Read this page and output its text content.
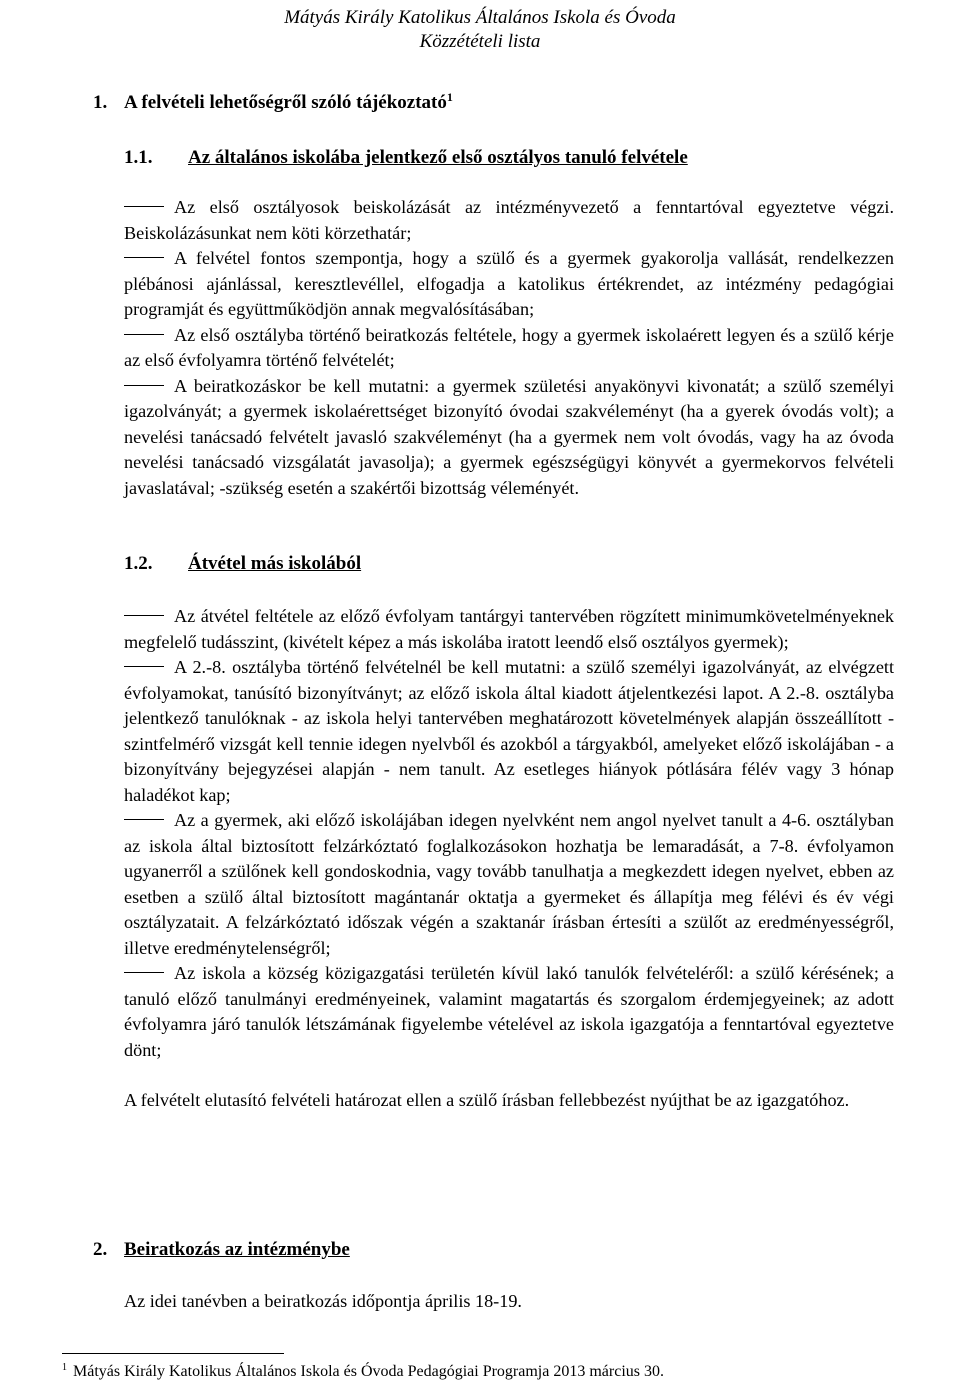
Mátyás Király Katolikus Általános Iskola és Óvoda
Közzétételi lista
1. A felvételi lehetőségről szóló tájékoztató$^1$
1.1. Az általános iskolába jelentkező első osztályos tanuló felvétele

Az első osztályosok beiskolázását az intézményvezető a fenntartóval egyeztetve végzi. Beiskolázásunkat nem köti körzethatár;

A felvétel fontos szempontja, hogy a szülő és a gyermek gyakorolja vallását, rendelkezzen plébánosi ajánlással, keresztlevéllel, elfogadja a katolikus értékrendet, az intézmény pedagógiai programját és együttműködjön annak megvalósításában;

Az első osztályba történő beiratkozás feltétele, hogy a gyermek iskolaérett legyen és a szülő kérje az első évfolyamra történő felvételét;

A beiratkozáskor be kell mutatni: a gyermek születési anyakönyvi kivonatát; a szülő személyi igazolványát; a gyermek iskolaérettséget bizonyító óvodai szakvéleményt (ha a gyerek óvodás volt); a nevelési tanácsadó felvételt javasló szakvéleményt (ha a gyermek nem volt óvodás, vagy ha az óvoda nevelési tanácsadó vizsgálatát javasolja); a gyermek egészségügyi könyvét a gyermekorvos felvételi javaslatával; -szükség esetén a szakértői bizottság véleményét.

1.2. Átvétel más iskolából

Az átvétel feltétele az előző évfolyam tantárgyi tantervében rögzített minimumkövetelményeknek megfelelő tudásszint, (kivételt képez a más iskolába iratott leendő első osztályos gyermek);

A 2.-8. osztályba történő felvételnél be kell mutatni: a szülő személyi igazolványát, az elvégzett évfolyamokat, tanúsító bizonyítványt; az előző iskola által kiadott átjelentkezési lapot. A 2.-8. osztályba jelentkező tanulóknak - az iskola helyi tantervében meghatározott követelmények alapján összeállított - szintfelmérő vizsgát kell tennie idegen nyelvből és azokból a tárgyakból, amelyeket előző iskolájában - a bizonyítvány bejegyzései alapján - nem tanult. Az esetleges hiányok pótlására félév vagy 3 hónap haladékot kap;

Az a gyermek, aki előző iskolájában idegen nyelvként nem angol nyelvet tanult a 4-6. osztályban az iskola által biztosított felzárkóztató foglalkozásokon hozhatja be lemaradását, a 7-8. évfolyamon ugyanerről a szülőnek kell gondoskodnia, vagy tovább tanulhatja a megkezdett idegen nyelvet, ebben az esetben a szülő által biztosított magántanár oktatja a gyermeket és állapítja meg félévi és év végi osztályzatait. A felzárkóztató időszak végén a szaktanár írásban értesíti a szülőt az eredményességről, illetve eredménytelenségről;

Az iskola a község közigazgatási területén kívül lakó tanulók felvételéről: a szülő kérésének; a tanuló előző tanulmányi eredményeinek, valamint magatartás és szorgalom érdemjegyeinek; az adott évfolyamra járó tanulók létszámának figyelembe vételével az iskola igazgatója a fenntartóval egyeztetve dönt;

A felvételt elutasító felvételi határozat ellen a szülő írásban fellebbezést nyújthat be az igazgatóhoz.

2. Beiratkozás az intézménybe

Az idei tanévben a beiratkozás időpontja április 18-19.

$^1$ Mátyás Király Katolikus Általános Iskola és Óvoda Pedagógiai Programja 2013 március 30.
